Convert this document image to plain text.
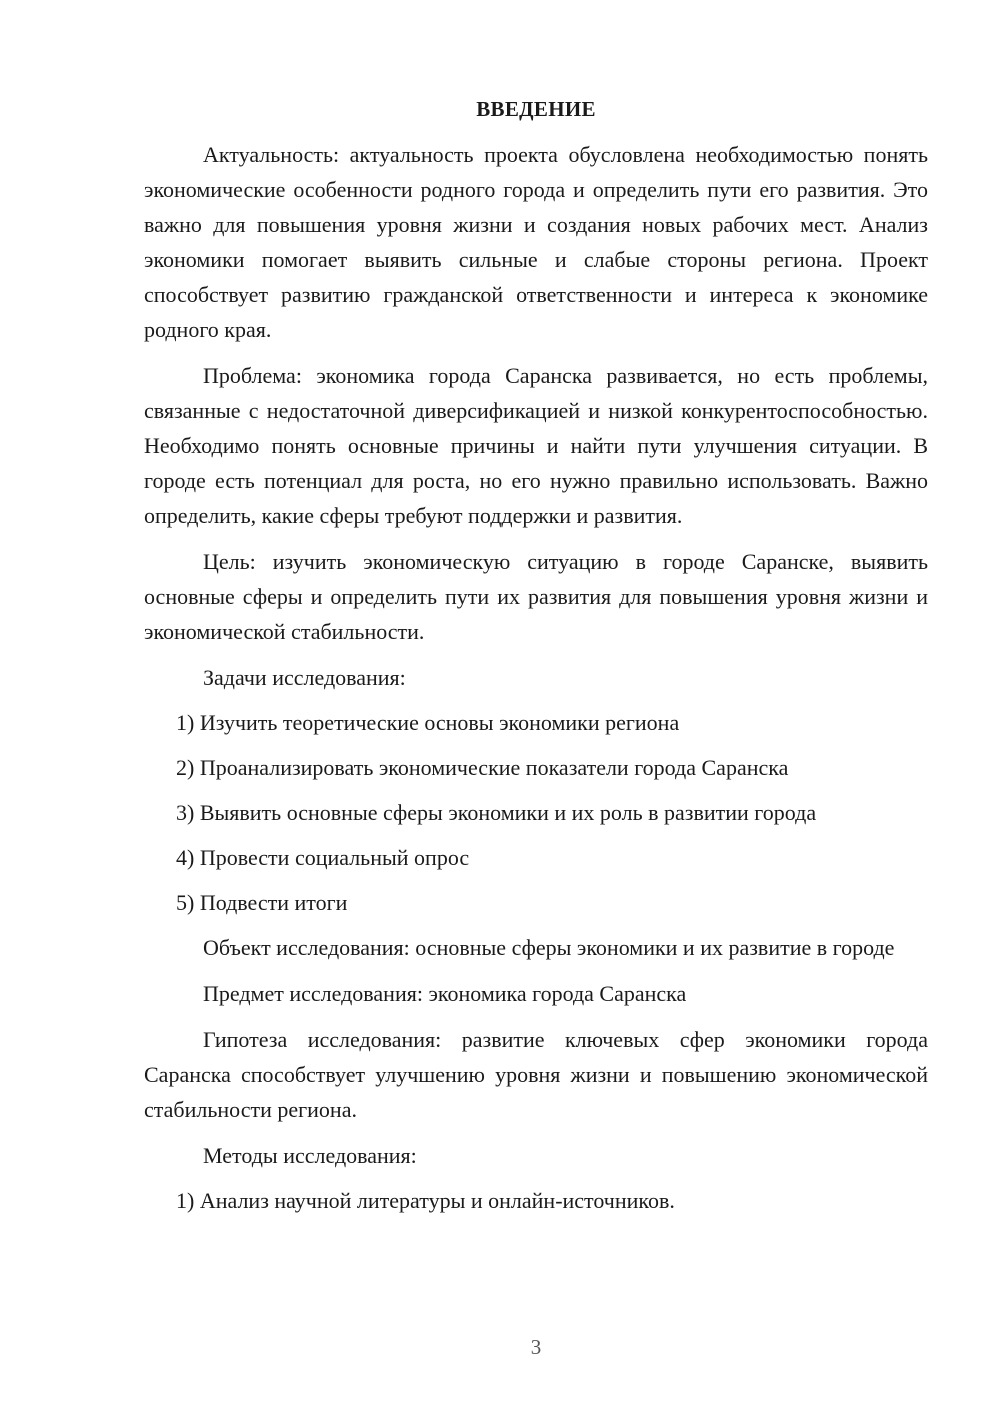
ВВЕДЕНИЕ

Актуальность: актуальность проекта обусловлена необходимостью понять экономические особенности родного города и определить пути его развития. Это важно для повышения уровня жизни и создания новых рабочих мест. Анализ экономики помогает выявить сильные и слабые стороны региона. Проект способствует развитию гражданской ответственности и интереса к экономике родного края.

Проблема: экономика города Саранска развивается, но есть проблемы, связанные с недостаточной диверсификацией и низкой конкурентоспособностью. Необходимо понять основные причины и найти пути улучшения ситуации. В городе есть потенциал для роста, но его нужно правильно использовать. Важно определить, какие сферы требуют поддержки и развития.

Цель: изучить экономическую ситуацию в городе Саранске, выявить основные сферы и определить пути их развития для повышения уровня жизни и экономической стабильности.

Задачи исследования:

1) Изучить теоретические основы экономики региона
2) Проанализировать экономические показатели города Саранска
3) Выявить основные сферы экономики и их роль в развитии города
4) Провести социальный опрос
5) Подвести итоги

Объект исследования: основные сферы экономики и их развитие в городе

Предмет исследования: экономика города Саранска

Гипотеза исследования: развитие ключевых сфер экономики города Саранска способствует улучшению уровня жизни и повышению экономической стабильности региона.

Методы исследования:

1) Анализ научной литературы и онлайн-источников.
3
